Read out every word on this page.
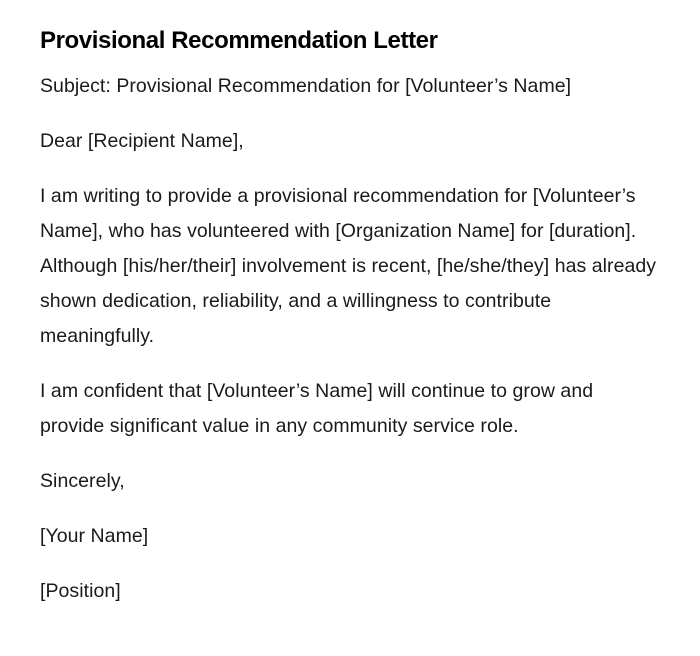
Provisional Recommendation Letter

Subject: Provisional Recommendation for [Volunteer’s Name]

Dear [Recipient Name],

I am writing to provide a provisional recommendation for [Volunteer’s Name], who has volunteered with [Organization Name] for [duration]. Although [his/her/their] involvement is recent, [he/she/they] has already shown dedication, reliability, and a willingness to contribute meaningfully.

I am confident that [Volunteer’s Name] will continue to grow and provide significant value in any community service role.

Sincerely,

[Your Name]

[Position]
